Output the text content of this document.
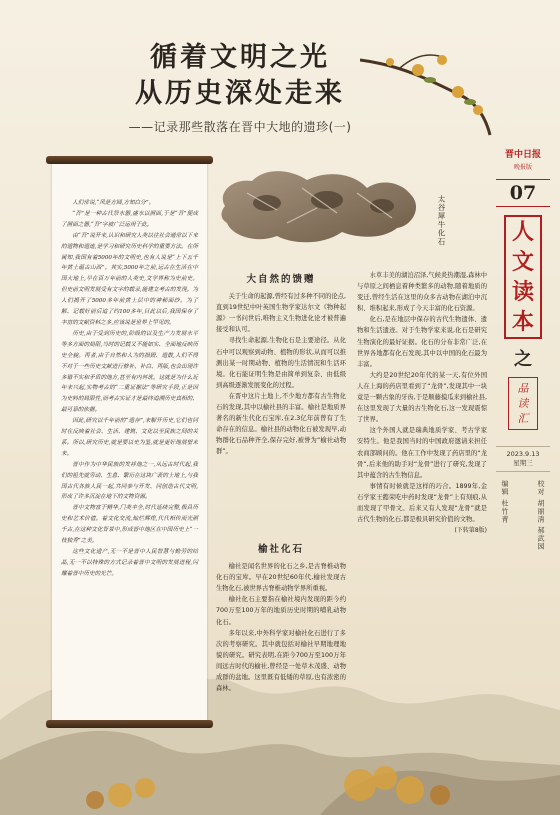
循着文明之光
从历史深处走来
——记录那些散落在晋中大地的遗珍(一)

人们常说,“风是方圆,方知白分”。

“吾”是一种古代祭水器,盛水以照面,于是“吾”便成了照面之器,“吾”字被广泛运用于此。

由“吾”说开来,认识和研究人类以往社会通常以下来的遗物和遗迹,是学习和研究历史科学的重要方法。在所属知,我国有着5000年的文明史,也有人说是“上下五千年黄土蕴古山西”。其实,5000年之前,远古在生活在中国大地上,早在百万年前的人类史,文学界称为史前史。但史前文明发展受有文字的载录,能建立考古的发现。为人们揭开了5000多年前黄土层中的神秘面纱。为了解、记载好前后追了约100多年,目此以后,我国保存了丰富的文献资料之多,应该说是世界上罕见的。

历史,由于受到历史的,阶级的以及生产力发展水平等多方面的局限,当时的记载又不能如实、全面地反映历史全貌。再者,由于自然和人为的损毁、遗散,人们不得不对于一些历史文献进行修补、补白、再版,也会出现许多错不实和矛盾的地方,甚至有内舛讹。这就是为什么近年来兴起,实物考古的“二重证据法”等研究手段,正是因为史料的局限性,而考古实证才是最终追溯历史真相的、最可靠的依据。

因此,研究以千年前的“遗存”,来解开历史,它们也同时在反映着社会、生活、建筑、文化以至民族之间的关系。所以,研究历史,就是要以史为鉴,就是更好地展望未来。

晋中作为中华民族的发祥地之一,从远古时代起,我们的祖先就劳动、生息、繁衍在这块广袤的土地上,与我国古代各族人民一起,共同参与开发、同创造古代文明,形成了许多沉淀在地下的文物资源。

晋中文物富于精华,门类丰全,时代延续完整,极具历史和艺术价值。着文化交流,灿烂辉煌,代代相传而光照千古,在这种文化背景中,形成晋中地区在中国历史上“一枝独秀”之美。

这些文化遗产,无一不是晋中人民智慧与勤劳的结晶,无一不以特殊的方式记录着晋中文明的发展进程,闪耀着晋中历史的光芒。

太谷犀牛化石

大自然的馈赠

关于生命的起源,曾经有过多种不同的论点,直到19世纪中叶英国生物学家达尔文《物种起源》一书问世后,唯物主义生物进化论才被普遍接受和认可。

寻找生命起源,生物化石是主要途径。从化石中可以观察到动物、植物的形状,从而可以推测出某一时期动物、植物的生活情况和生活环境。化石能证明生物是由简单到复杂、由低级到高级逐渐发展变化的过程。

在晋中这片土地上,不少地方都有古生物化石的发现,其中以榆社县的丰富。榆社是地质界著名的新生代化石宝库,在2.3亿年前曾有了生命存在的信息。榆社县的动物化石被发现早,动物群化石品种齐全,保存完好,被誉为“榆社动物群”。

榆社化石

榆社是闻名世界的化石之乡,是古脊椎动物化石的宝库。早在20世纪60年代,榆社发现古生物化石,被世界古脊椎动物学界所重视。

榆社化石主要指在榆社境内发现的距今约700万至100万年的地质历史时期的哺乳动物化石。

多年以来,中外科学家对榆社化石进行了多次的考察研究。其中就包括对榆社早期地理地貌的研究。研究表明,在距今700万至100万年间远古时代的榆社,曾经是一处草木茂盛、动物成群的盆地。这里既有低矮的草原,也有浓密的森林。

水草丰美的湖泊沼泽,气候炎热潮湿,森林中与草原之间栖息着种类繁多的动物,随着地质的变迁,曾经生活在这里的众多古动物在湖泊中沉积、堆积起来,形成了今天丰富的化石资源。

化石,是在地层中保存的古代生物遗体、遗物和生活遗迹。对于生物学家来说,化石是研究生物演化的最好证据。化石的分布非常广泛,在世界各地都有化石发现,其中以中国的化石最为丰富。

大约是20世纪20年代的某一天,有位外国人在上海的药店里看到了“龙骨”,发现其中一块竟是一颗古象的牙齿,于是顺藤摸瓜来到榆社县,在这里发现了大量的古生物化石,这一发现震惊了世界。

这个外国人就是瑞典地质学家、考古学家安特生。他是我国当时的中国政府邀请来担任农商部顾问的。他在工作中发现了药店里的“龙骨”,后来他的助手对“龙骨”进行了研究,发现了其中蕴含的古生物信息。

事情有时候就是这样的巧合。1899年,金石学家王懿荣吃中药时发现“龙骨”上有刻痕,从而发现了甲骨文。后来又有人发现“龙骨”就是古代生物的化石,都是极具研究价值的文物。

(下转第8版)

晋中日报
晚报版
07
人
文
读
本
之
品
读
汇
2023.9.13
星期三
编辑 杜竹青	校对 胡丽清 郝武园
